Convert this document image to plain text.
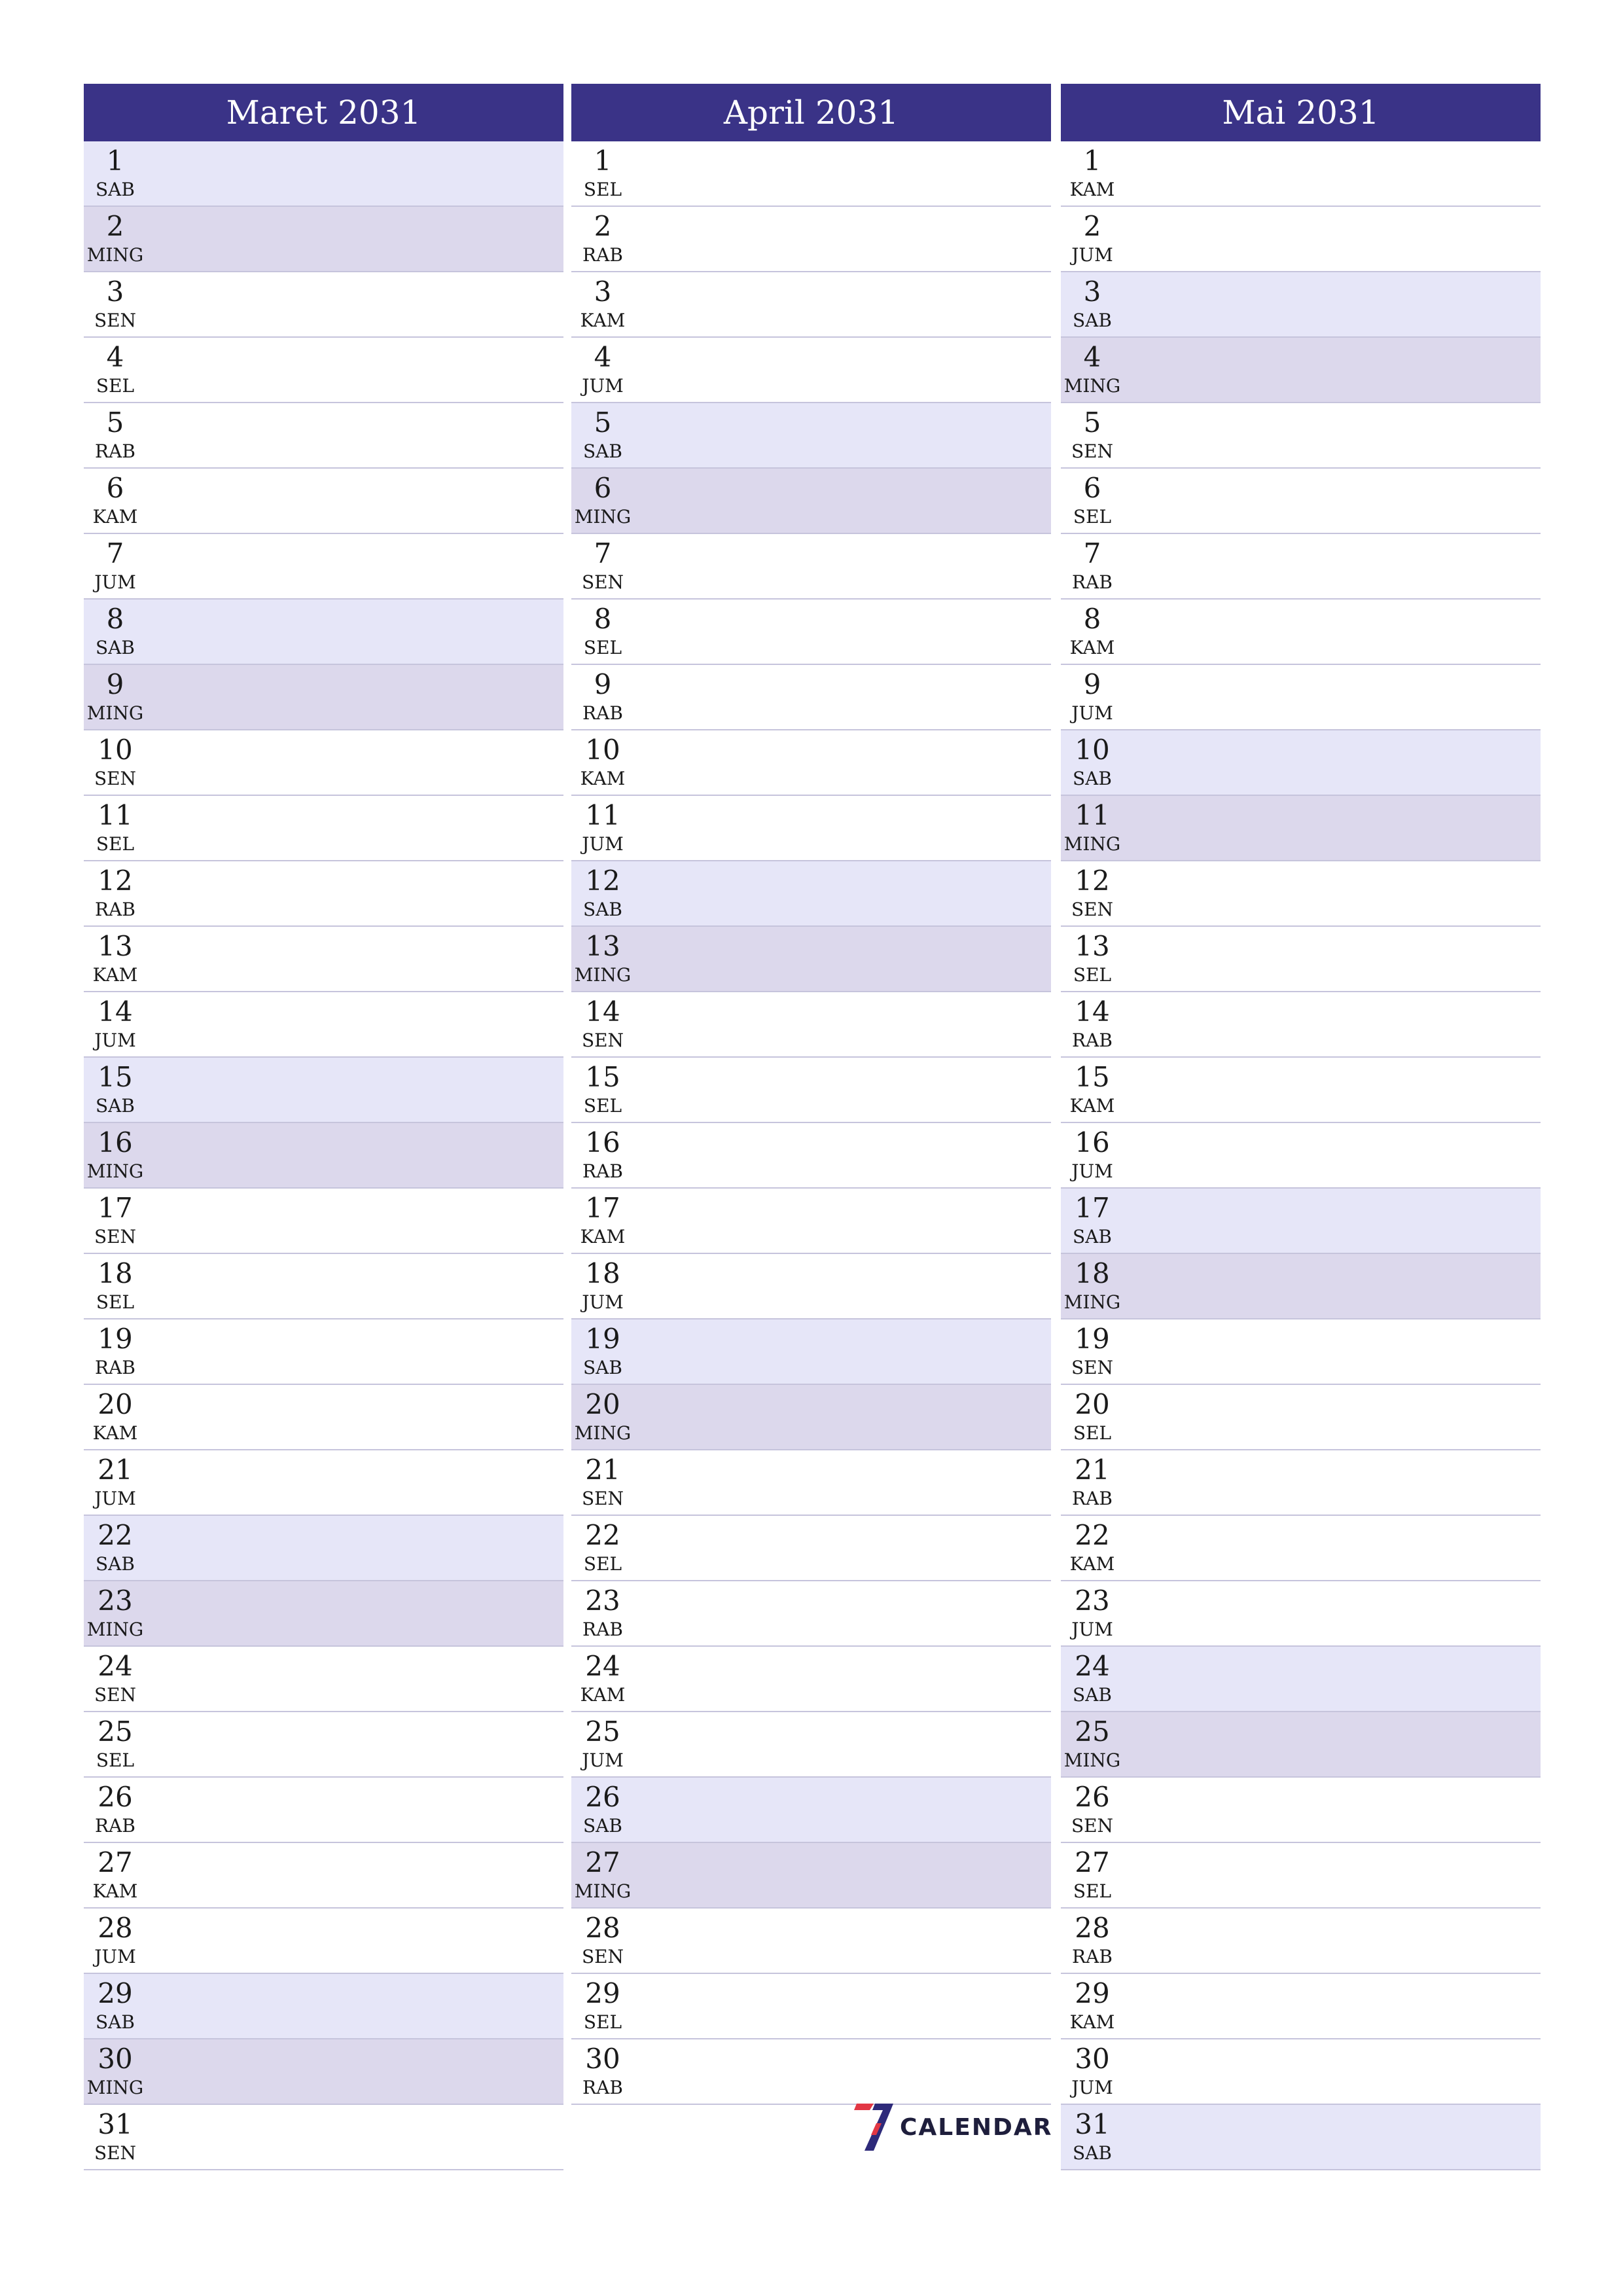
Maret 2031
1
SAB
2
MING
3
SEN
4
SEL
5
RAB
6
KAM
7
JUM
8
SAB
9
MING
10
SEN
11
SEL
12
RAB
13
KAM
14
JUM
15
SAB
16
MING
17
SEN
18
SEL
19
RAB
20
KAM
21
JUM
22
SAB
23
MING
24
SEN
25
SEL
26
RAB
27
KAM
28
JUM
29
SAB
30
MING
31
SEN
April 2031
1
SEL
2
RAB
3
KAM
4
JUM
5
SAB
6
MING
7
SEN
8
SEL
9
RAB
10
KAM
11
JUM
12
SAB
13
MING
14
SEN
15
SEL
16
RAB
17
KAM
18
JUM
19
SAB
20
MING
21
SEN
22
SEL
23
RAB
24
KAM
25
JUM
26
SAB
27
MING
28
SEN
29
SEL
30
RAB
Mai 2031
1
KAM
2
JUM
3
SAB
4
MING
5
SEN
6
SEL
7
RAB
8
KAM
9
JUM
10
SAB
11
MING
12
SEN
13
SEL
14
RAB
15
KAM
16
JUM
17
SAB
18
MING
19
SEN
20
SEL
21
RAB
22
KAM
23
JUM
24
SAB
25
MING
26
SEN
27
SEL
28
RAB
29
KAM
30
JUM
31
SAB
CALENDAR
